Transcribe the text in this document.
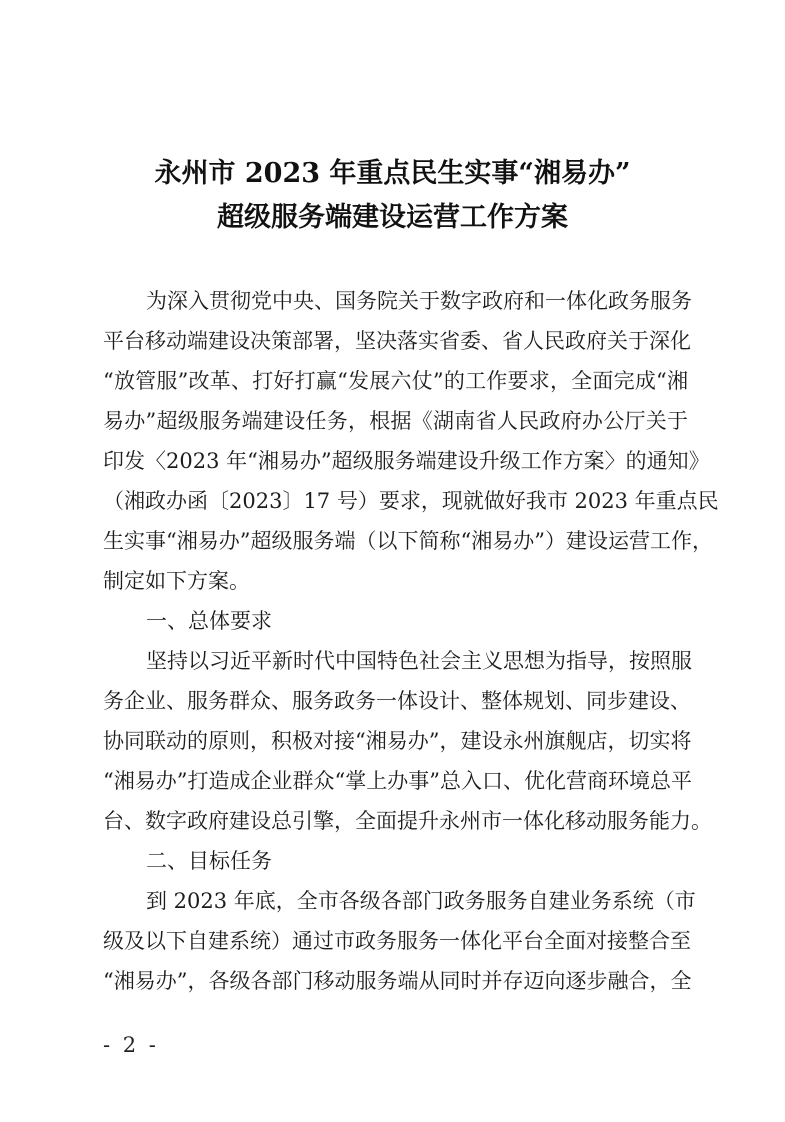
永州市 2023 年重点民生实事“湘易办”
超级服务端建设运营工作方案
为深入贯彻党中央、国务院关于数字政府和一体化政务服务
平台移动端建设决策部署，坚决落实省委、省人民政府关于深化
“放管服”改革、打好打赢“发展六仗”的工作要求，全面完成“湘
易办”超级服务端建设任务，根据《湖南省人民政府办公厅关于
印发〈2023 年“湘易办”超级服务端建设升级工作方案〉的通知》
（湘政办函〔2023〕17 号）要求，现就做好我市 2023 年重点民
生实事“湘易办”超级服务端（以下简称“湘易办”）建设运营工作，
制定如下方案。
一、总体要求
坚持以习近平新时代中国特色社会主义思想为指导，按照服
务企业、服务群众、服务政务一体设计、整体规划、同步建设、
协同联动的原则，积极对接“湘易办”，建设永州旗舰店，切实将
“湘易办”打造成企业群众“掌上办事”总入口、优化营商环境总平
台、数字政府建设总引擎，全面提升永州市一体化移动服务能力。
二、目标任务
到 2023 年底，全市各级各部门政务服务自建业务系统（市
级及以下自建系统）通过市政务服务一体化平台全面对接整合至
“湘易办”，各级各部门移动服务端从同时并存迈向逐步融合，全
- 2 -
